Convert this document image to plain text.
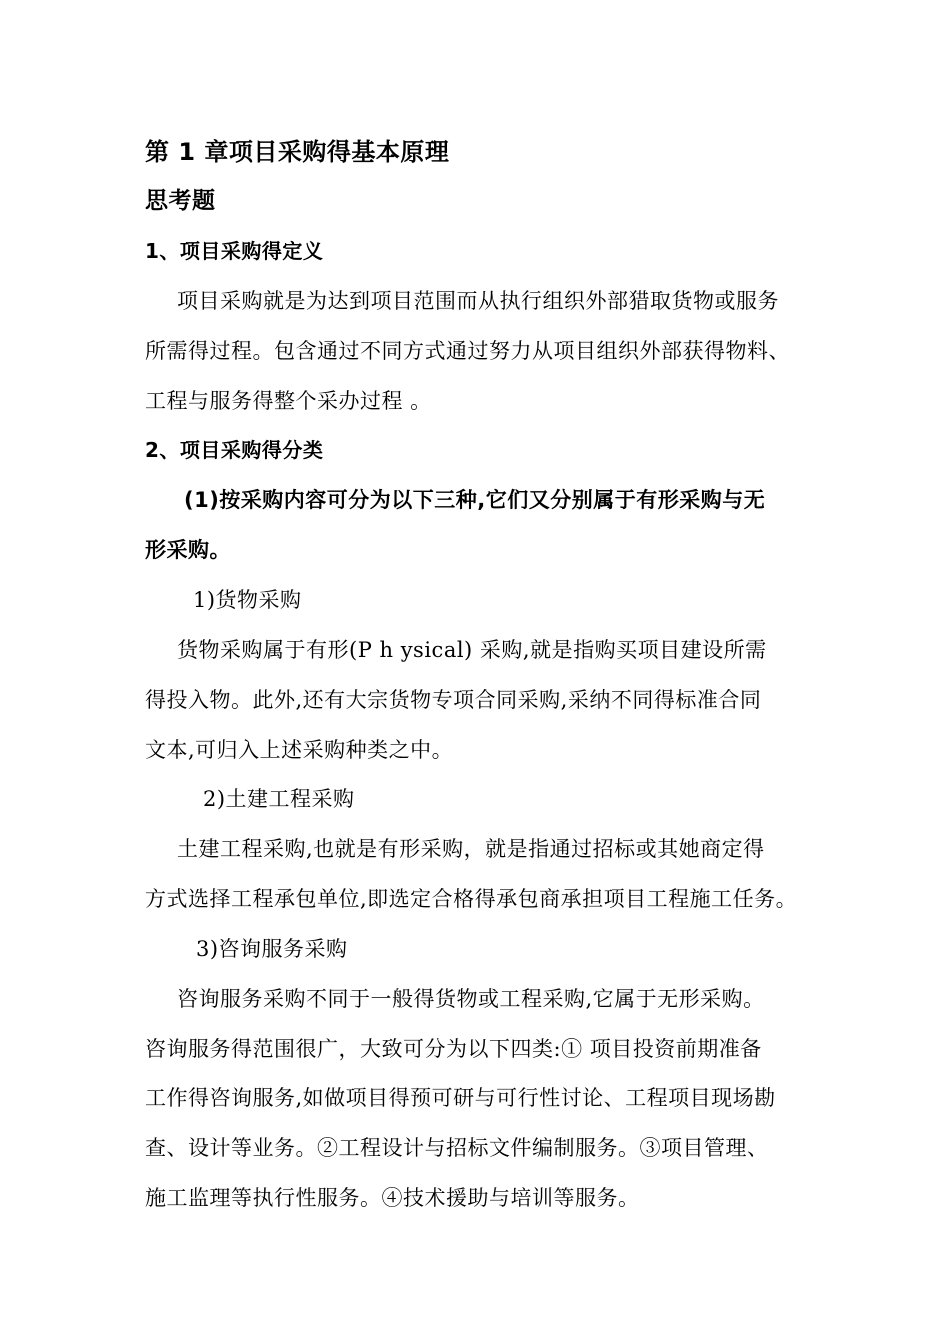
第 1 章项目采购得基本原理
思考题
1、项目采购得定义
项目采购就是为达到项目范围而从执行组织外部猎取货物或服务
所需得过程。包含通过不同方式通过努力从项目组织外部获得物料、
工程与服务得整个采办过程 。
2、项目采购得分类
(1)按采购内容可分为以下三种,它们又分别属于有形采购与无
形采购。
1)货物采购
货物采购属于有形(P h ysical) 采购,就是指购买项目建设所需
得投入物。此外,还有大宗货物专项合同采购,采纳不同得标准合同
文本,可归入上述采购种类之中。
2)土建工程采购
土建工程采购,也就是有形采购，就是指通过招标或其她商定得
方式选择工程承包单位,即选定合格得承包商承担项目工程施工任务。
3)咨询服务采购
咨询服务采购不同于一般得货物或工程采购,它属于无形采购。
咨询服务得范围很广，大致可分为以下四类:① 项目投资前期准备
工作得咨询服务,如做项目得预可研与可行性讨论、工程项目现场勘
查、设计等业务。②工程设计与招标文件编制服务。③项目管理、
施工监理等执行性服务。④技术援助与培训等服务。
